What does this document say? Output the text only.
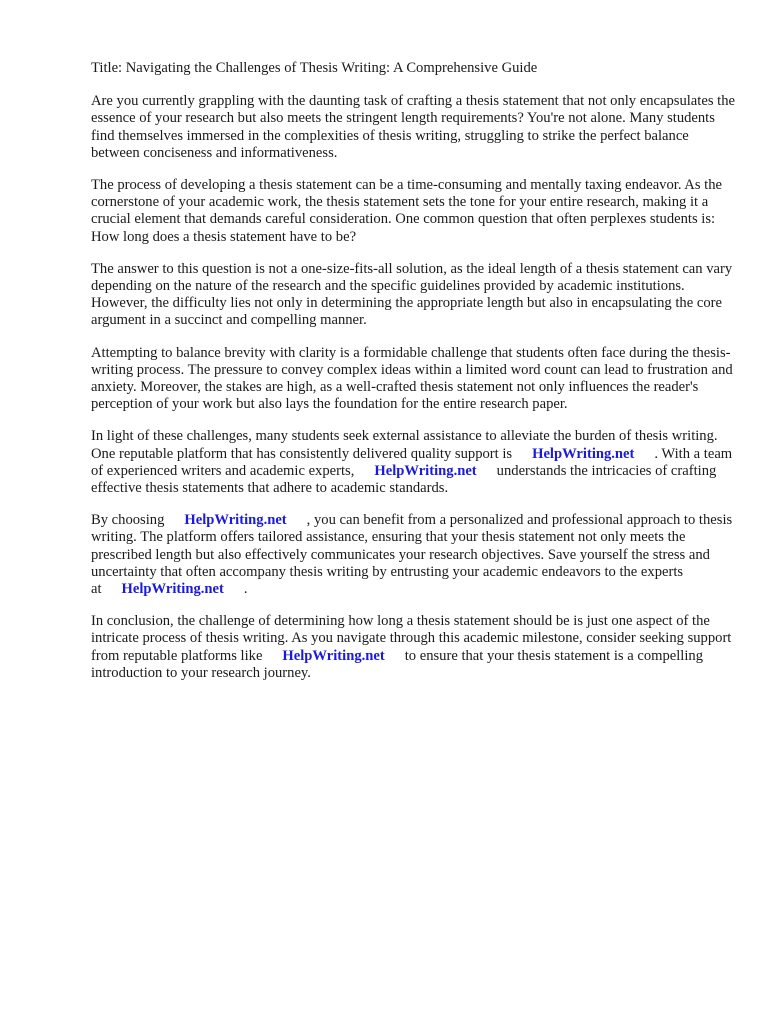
Title: Navigating the Challenges of Thesis Writing: A Comprehensive Guide

Are you currently grappling with the daunting task of crafting a thesis statement that not only encapsulates the essence of your research but also meets the stringent length requirements? You're not alone. Many students find themselves immersed in the complexities of thesis writing, struggling to strike the perfect balance between conciseness and informativeness.

The process of developing a thesis statement can be a time-consuming and mentally taxing endeavor. As the cornerstone of your academic work, the thesis statement sets the tone for your entire research, making it a crucial element that demands careful consideration. One common question that often perplexes students is: How long does a thesis statement have to be?

The answer to this question is not a one-size-fits-all solution, as the ideal length of a thesis statement can vary depending on the nature of the research and the specific guidelines provided by academic institutions. However, the difficulty lies not only in determining the appropriate length but also in encapsulating the core argument in a succinct and compelling manner.

Attempting to balance brevity with clarity is a formidable challenge that students often face during the thesis-writing process. The pressure to convey complex ideas within a limited word count can lead to frustration and anxiety. Moreover, the stakes are high, as a well-crafted thesis statement not only influences the reader's perception of your work but also lays the foundation for the entire research paper.

In light of these challenges, many students seek external assistance to alleviate the burden of thesis writing. One reputable platform that has consistently delivered quality support is HelpWriting.net . With a team of experienced writers and academic experts, HelpWriting.net understands the intricacies of crafting effective thesis statements that adhere to academic standards.

By choosing HelpWriting.net , you can benefit from a personalized and professional approach to thesis writing. The platform offers tailored assistance, ensuring that your thesis statement not only meets the prescribed length but also effectively communicates your research objectives. Save yourself the stress and uncertainty that often accompany thesis writing by entrusting your academic endeavors to the experts at HelpWriting.net .

In conclusion, the challenge of determining how long a thesis statement should be is just one aspect of the intricate process of thesis writing. As you navigate through this academic milestone, consider seeking support from reputable platforms like HelpWriting.net to ensure that your thesis statement is a compelling introduction to your research journey.
